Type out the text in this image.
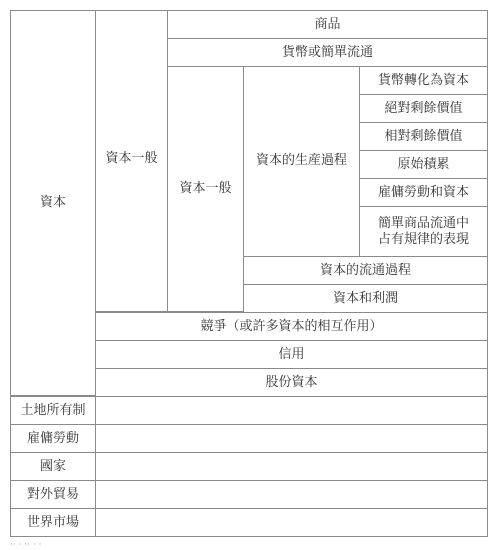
資本
資本一般
商品
貨幣或簡單流通
資本一般
資本的生産過程
貨幣轉化為資本
絕對剩餘價值
相對剩餘價值
原始積累
雇傭勞動和資本
簡單商品流通中
占有規律的表現
資本的流通過程
資本和利潤
競爭（或許多資本的相互作用）
信用
股份資本
土地所有制
雇傭勞動
國家
對外貿易
世界市場
·· · ·· · ·
